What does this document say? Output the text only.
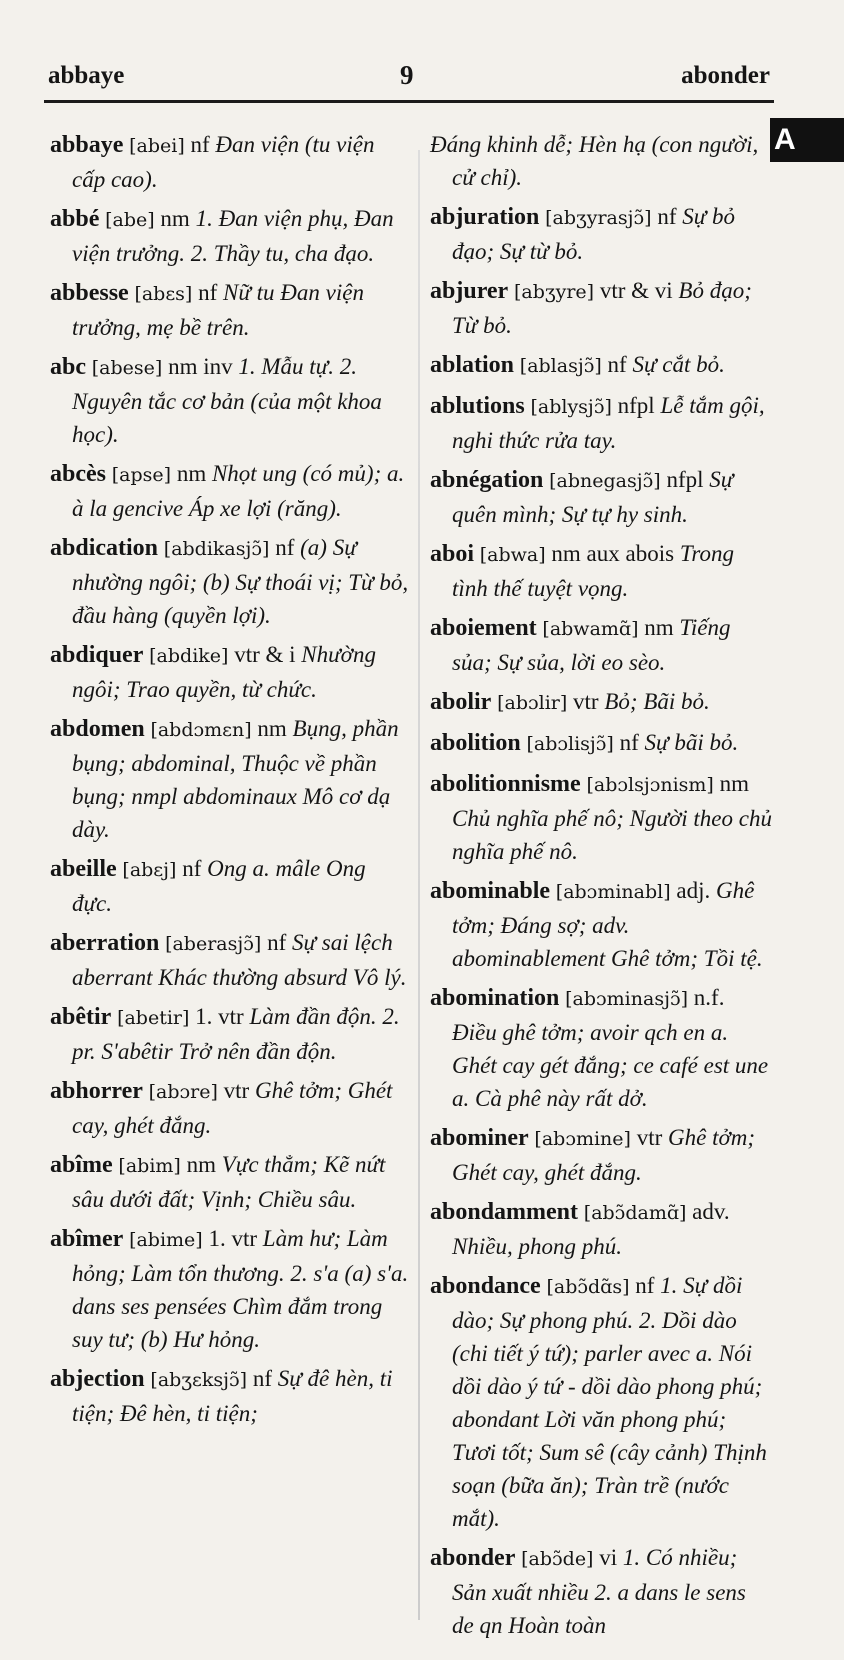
abbaye	9	abonder
A
abbaye [abei] nf Đan viện (tu viện cấp cao).
abbé [abe] nm 1. Đan viện phụ, Đan viện trưởng. 2. Thầy tu, cha đạo.
abbesse [abɛs] nf Nữ tu Đan viện trưởng, mẹ bề trên.
abc [abese] nm inv 1. Mẫu tự. 2. Nguyên tắc cơ bản (của một khoa học).
abcès [apse] nm Nhọt ung (có mủ); a. à la gencive Áp xe lợi (răng).
abdication [abdikasjɔ̃] nf (a) Sự nhường ngôi; (b) Sự thoái vị; Từ bỏ, đầu hàng (quyền lợi).
abdiquer [abdike] vtr & i Nhường ngôi; Trao quyền, từ chức.
abdomen [abdɔmɛn] nm Bụng, phần bụng; abdominal, Thuộc về phần bụng; nmpl abdominaux Mô cơ dạ dày.
abeille [abɛj] nf Ong a. mâle Ong đực.
aberration [aberasjɔ̃] nf Sự sai lệch aberrant Khác thường absurd Vô lý.
abêtir [abetir] 1. vtr Làm đần độn. 2. pr. S'abêtir Trở nên đần độn.
abhorrer [abɔre] vtr Ghê tởm; Ghét cay, ghét đắng.
abîme [abim] nm Vực thẳm; Kẽ nứt sâu dưới đất; Vịnh; Chiều sâu.
abîmer [abime] 1. vtr Làm hư; Làm hỏng; Làm tổn thương. 2. s'a (a) s'a. dans ses pensées Chìm đắm trong suy tư; (b) Hư hỏng.
abjection [abʒɛksjɔ̃] nf Sự đê hèn, ti tiện; Đê hèn, ti tiện;
Đáng khinh dễ; Hèn hạ (con người, cử chỉ).
abjuration [abʒyrasjɔ̃] nf Sự bỏ đạo; Sự từ bỏ.
abjurer [abʒyre] vtr & vi Bỏ đạo; Từ bỏ.
ablation [ablasjɔ̃] nf Sự cắt bỏ.
ablutions [ablysjɔ̃] nfpl Lễ tắm gội, nghi thức rửa tay.
abnégation [abnegasjɔ̃] nfpl Sự quên mình; Sự tự hy sinh.
aboi [abwa] nm aux abois Trong tình thế tuyệt vọng.
aboiement [abwamɑ̃] nm Tiếng sủa; Sự sủa, lời eo sèo.
abolir [abɔlir] vtr Bỏ; Bãi bỏ.
abolition [abɔlisjɔ̃] nf Sự bãi bỏ.
abolitionnisme [abɔlsjɔnism] nm Chủ nghĩa phế nô; Người theo chủ nghĩa phế nô.
abominable [abɔminabl] adj. Ghê tởm; Đáng sợ; adv. abominablement Ghê tởm; Tồi tệ.
abomination [abɔminasjɔ̃] n.f. Điều ghê tởm; avoir qch en a. Ghét cay gét đắng; ce café est une a. Cà phê này rất dở.
abominer [abɔmine] vtr Ghê tởm; Ghét cay, ghét đắng.
abondamment [abɔ̃damɑ̃] adv. Nhiều, phong phú.
abondance [abɔ̃dɑ̃s] nf 1. Sự dồi dào; Sự phong phú. 2. Dồi dào (chi tiết ý tứ); parler avec a. Nói dồi dào ý tứ - dồi dào phong phú; abondant Lời văn phong phú; Tươi tốt; Sum sê (cây cảnh) Thịnh soạn (bữa ăn); Tràn trề (nước mắt).
abonder [abɔ̃de] vi 1. Có nhiều; Sản xuất nhiều 2. a dans le sens de qn Hoàn toàn
